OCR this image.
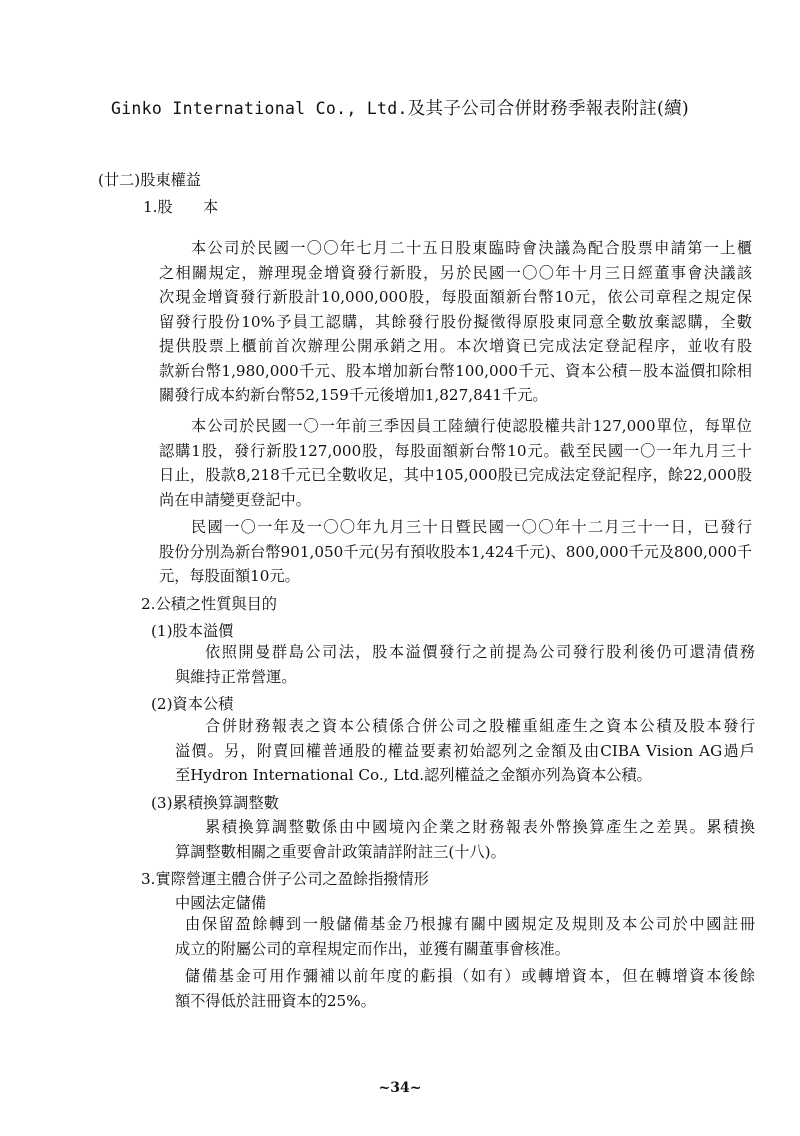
Ginko International Co., Ltd.及其子公司合併財務季報表附註(續)
(廿二)股東權益
1.股　　本
本公司於民國一〇〇年七月二十五日股東臨時會決議為配合股票申請第一上櫃
之相關規定，辦理現金增資發行新股，另於民國一〇〇年十月三日經董事會決議該
次現金增資發行新股計10,000,000股，每股面額新台幣10元，依公司章程之規定保
留發行股份10%予員工認購，其餘發行股份擬徵得原股東同意全數放棄認購，全數
提供股票上櫃前首次辦理公開承銷之用。本次增資已完成法定登記程序，並收有股
款新台幣1,980,000千元、股本增加新台幣100,000千元、資本公積－股本溢價扣除相
關發行成本約新台幣52,159千元後增加1,827,841千元。
本公司於民國一〇一年前三季因員工陸續行使認股權共計127,000單位，每單位
認購1股，發行新股127,000股，每股面額新台幣10元。截至民國一〇一年九月三十
日止，股款8,218千元已全數收足，其中105,000股已完成法定登記程序，餘22,000股
尚在申請變更登記中。
民國一〇一年及一〇〇年九月三十日暨民國一〇〇年十二月三十一日，已發行
股份分別為新台幣901,050千元(另有預收股本1,424千元)、800,000千元及800,000千
元，每股面額10元。
2.公積之性質與目的
(1)股本溢價
依照開曼群島公司法，股本溢價發行之前提為公司發行股利後仍可還清債務
與維持正常營運。
(2)資本公積
合併財務報表之資本公積係合併公司之股權重組產生之資本公積及股本發行
溢價。另，附賣回權普通股的權益要素初始認列之金額及由CIBA Vision AG過戶
至Hydron International Co., Ltd.認列權益之金額亦列為資本公積。
(3)累積換算調整數
累積換算調整數係由中國境內企業之財務報表外幣換算產生之差異。累積換
算調整數相關之重要會計政策請詳附註三(十八)。
3.實際營運主體合併子公司之盈餘指撥情形
中國法定儲備
由保留盈餘轉到一般儲備基金乃根據有關中國規定及規則及本公司於中國註冊
成立的附屬公司的章程規定而作出，並獲有關董事會核准。
儲備基金可用作彌補以前年度的虧損（如有）或轉增資本，但在轉增資本後餘
額不得低於註冊資本的25%。
~34~
